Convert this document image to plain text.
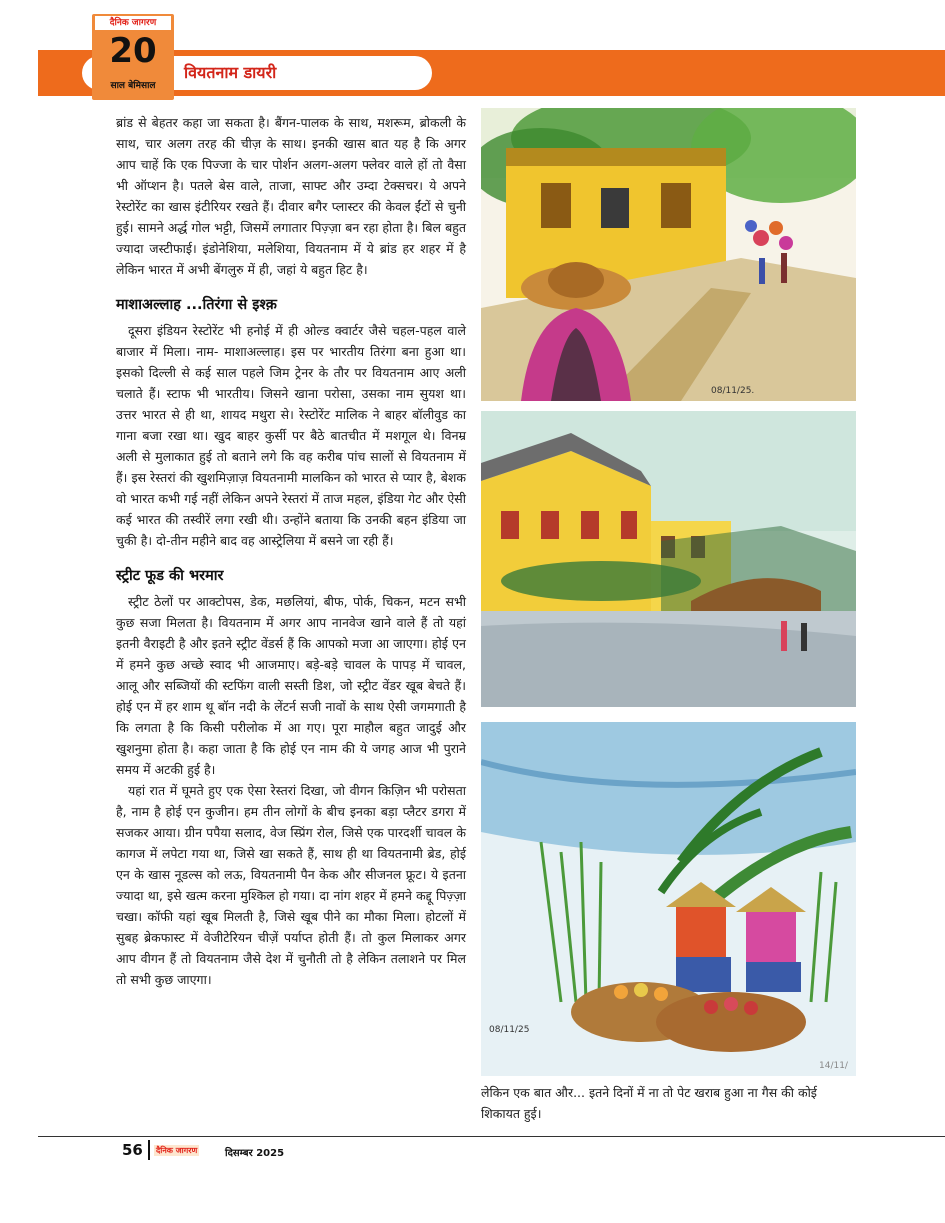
वियतनाम डायरी
दैनिक जागरण
20
साल बेमिसाल

ब्रांड से बेहतर कहा जा सकता है। बैंगन-पालक के साथ, मशरूम, ब्रोकली के साथ, चार अलग तरह की चीज़ के साथ। इनकी खास बात यह है कि अगर आप चाहें कि एक पिज्जा के चार पोर्शन अलग-अलग फ्लेवर वाले हों तो वैसा भी ऑप्शन है। पतले बेस वाले, ताजा, साफ्ट और उम्दा टेक्सचर। ये अपने रेस्टोरेंट का खास इंटीरियर रखते हैं। दीवार बगैर प्लास्टर की केवल ईंटों से चुनी हुई। सामने अर्द्ध गोल भट्टी, जिसमें लगातार पिज़्ज़ा बन रहा होता है। बिल बहुत ज्यादा जस्टीफाई। इंडोनेशिया, मलेशिया, वियतनाम में ये ब्रांड हर शहर में है लेकिन भारत में अभी बेंगलुरु में ही, जहां ये बहुत हिट है।

माशाअल्लाह ...तिरंगा से इश्क़

दूसरा इंडियन रेस्टोरेंट भी हनोई में ही ओल्ड क्वार्टर जैसे चहल-पहल वाले बाजार में मिला। नाम- माशाअल्लाह। इस पर भारतीय तिरंगा बना हुआ था। इसको दिल्ली से कई साल पहले जिम ट्रेनर के तौर पर वियतनाम आए अली चलाते हैं। स्टाफ भी भारतीय। जिसने खाना परोसा, उसका नाम सुयश था। उत्तर भारत से ही था, शायद मथुरा से। रेस्टोरेंट मालिक ने बाहर बॉलीवुड का गाना बजा रखा था। खुद बाहर कुर्सी पर बैठे बातचीत में मशगूल थे। विनम्र अली से मुलाकात हुई तो बताने लगे कि वह करीब पांच सालों से वियतनाम में हैं। इस रेस्तरां की खुशमिज़ाज़ वियतनामी मालकिन को भारत से प्यार है, बेशक वो भारत कभी गई नहीं लेकिन अपने रेस्तरां में ताज महल, इंडिया गेट और ऐसी कई भारत की तस्वीरें लगा रखी थी। उन्होंने बताया कि उनकी बहन इंडिया जा चुकी है। दो-तीन महीने बाद वह आस्ट्रेलिया में बसने जा रही हैं।

स्ट्रीट फूड की भरमार

स्ट्रीट ठेलों पर आक्टोपस, डेक, मछलियां, बीफ, पोर्क, चिकन, मटन सभी कुछ सजा मिलता है। वियतनाम में अगर आप नानवेज खाने वाले हैं तो यहां इतनी वैराइटी है और इतने स्ट्रीट वेंडर्स हैं कि आपको मजा आ जाएगा। होई एन में हमने कुछ अच्छे स्वाद भी आजमाए। बड़े-बड़े चावल के पापड़ में चावल, आलू और सब्जियों की स्टफिंग वाली सस्ती डिश, जो स्ट्रीट वेंडर खूब बेचते हैं। होई एन में हर शाम थू बॉन नदी के लेंटर्न सजी नावों के साथ ऐसी जगमगाती है कि लगता है कि किसी परीलोक में आ गए। पूरा माहौल बहुत जादुई और खुशनुमा होता है। कहा जाता है कि होई एन नाम की ये जगह आज भी पुराने समय में अटकी हुई है।

यहां रात में घूमते हुए एक ऐसा रेस्तरां दिखा, जो वीगन किज़िन भी परोसता है, नाम है होई एन कुजीन। हम तीन लोगों के बीच इनका बड़ा प्लैटर डगरा में सजकर आया। ग्रीन पपैया सलाद, वेज स्प्रिंग रोल, जिसे एक पारदर्शी चावल के कागज में लपेटा गया था, जिसे खा सकते हैं, साथ ही था वियतनामी ब्रेड, होई एन के खास नूडल्स को लऊ, वियतनामी पैन केक और सीजनल फ्रूट। ये इतना ज्यादा था, इसे खत्म करना मुश्किल हो गया। दा नांग शहर में हमने कद्दू पिज़्ज़ा चखा। कॉफी यहां खूब मिलती है, जिसे खूब पीने का मौका मिला। होटलों में सुबह ब्रेकफास्ट में वेजीटेरियन चीज़ें पर्याप्त होती हैं। तो कुल मिलाकर अगर आप वीगन हैं तो वियतनाम जैसे देश में चुनौती तो है लेकिन तलाशने पर मिल तो सभी कुछ जाएगा।

08/11/25.
08/11/25
14/11/
लेकिन एक बात और... इतने दिनों में ना तो पेट खराब हुआ ना गैस की कोई शिकायत हुई।
56 दैनिक जागरण	दिसम्बर 2025
